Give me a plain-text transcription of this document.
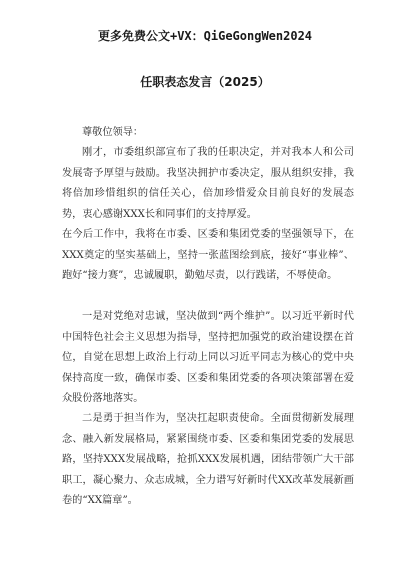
更多免费公文+VX：QiGeGongWen2024
任职表态发言（2025）
尊敬位领导：
刚才，市委组织部宣布了我的任职决定，并对我本人和公司发展寄予厚望与鼓励。我坚决拥护市委决定，服从组织安排，我将倍加珍惜组织的信任关心，倍加珍惜爱众目前良好的发展态势，衷心感谢XXX长和同事们的支持厚爱。
在今后工作中，我将在市委、区委和集团党委的坚强领导下，在XXX奠定的坚实基础上，坚持一张蓝图绘到底，接好“事业棒”、跑好“接力赛”，忠诚履职，勤勉尽责，以行践诺，不辱使命。
一是对党绝对忠诚，坚决做到“两个维护”。以习近平新时代中国特色社会主义思想为指导，坚持把加强党的政治建设摆在首位，自觉在思想上政治上行动上同以习近平同志为核心的党中央保持高度一致，确保市委、区委和集团党委的各项决策部署在爱众股份落地落实。
二是勇于担当作为，坚决扛起职责使命。全面贯彻新发展理念、融入新发展格局，紧紧围绕市委、区委和集团党委的发展思路，坚持XXX发展战略，抢抓XXX发展机遇，团结带领广大干部职工，凝心聚力、众志成城，全力谱写好新时代XX改革发展新画卷的“XX篇章”。
